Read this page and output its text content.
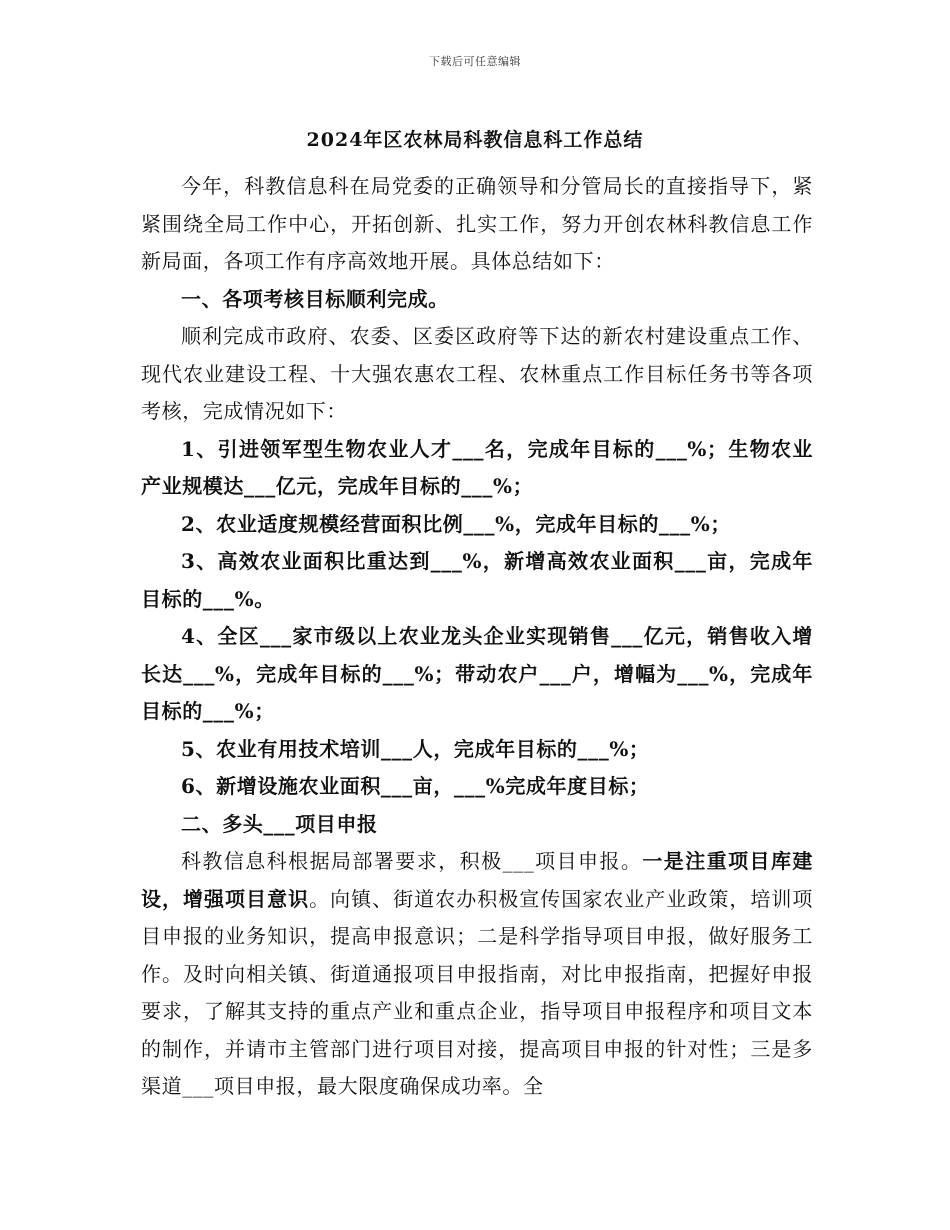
下载后可任意编辑
2024年区农林局科教信息科工作总结

今年，科教信息科在局党委的正确领导和分管局长的直接指导下，紧紧围绕全局工作中心，开拓创新、扎实工作，努力开创农林科教信息工作新局面，各项工作有序高效地开展。具体总结如下：

一、各项考核目标顺利完成。

顺利完成市政府、农委、区委区政府等下达的新农村建设重点工作、现代农业建设工程、十大强农惠农工程、农林重点工作目标任务书等各项考核，完成情况如下：

1、引进领军型生物农业人才___名，完成年目标的___%；生物农业产业规模达___亿元，完成年目标的___%；

2、农业适度规模经营面积比例___%，完成年目标的___%；

3、高效农业面积比重达到___%，新增高效农业面积___亩，完成年目标的___%。

4、全区___家市级以上农业龙头企业实现销售___亿元，销售收入增长达___%，完成年目标的___%；带动农户___户，增幅为___%，完成年目标的___%；

5、农业有用技术培训___人，完成年目标的___%；

6、新增设施农业面积___亩，___%完成年度目标；

二、多头___项目申报

科教信息科根据局部署要求，积极___项目申报。一是注重项目库建设，增强项目意识。向镇、街道农办积极宣传国家农业产业政策，培训项目申报的业务知识，提高申报意识；二是科学指导项目申报，做好服务工作。及时向相关镇、街道通报项目申报指南，对比申报指南，把握好申报要求，了解其支持的重点产业和重点企业，指导项目申报程序和项目文本的制作，并请市主管部门进行项目对接，提高项目申报的针对性；三是多渠道___项目申报，最大限度确保成功率。全
